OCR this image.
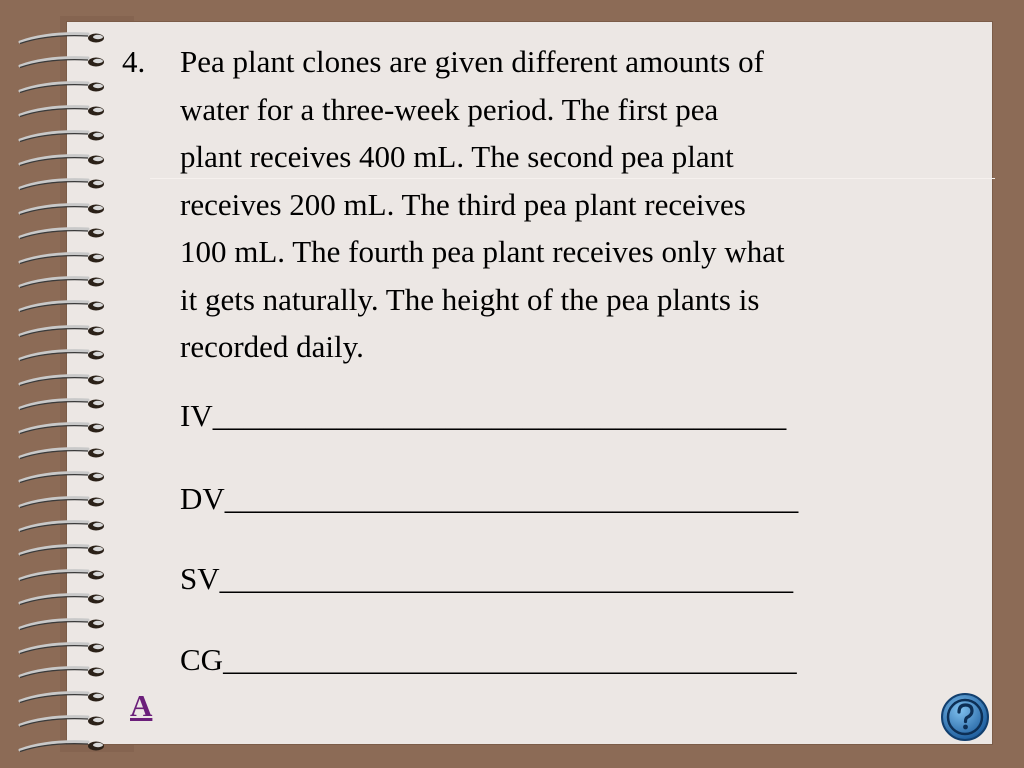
4. Pea plant clones are given different amounts of
water for a three-week period. The first pea
plant receives 400 mL. The second pea plant
receives 200 mL. The third pea plant receives
100 mL. The fourth pea plant receives only what
it gets naturally. The height of the pea plants is
recorded daily.
IV_____________________________________
DV_____________________________________
SV_____________________________________
CG_____________________________________
A
